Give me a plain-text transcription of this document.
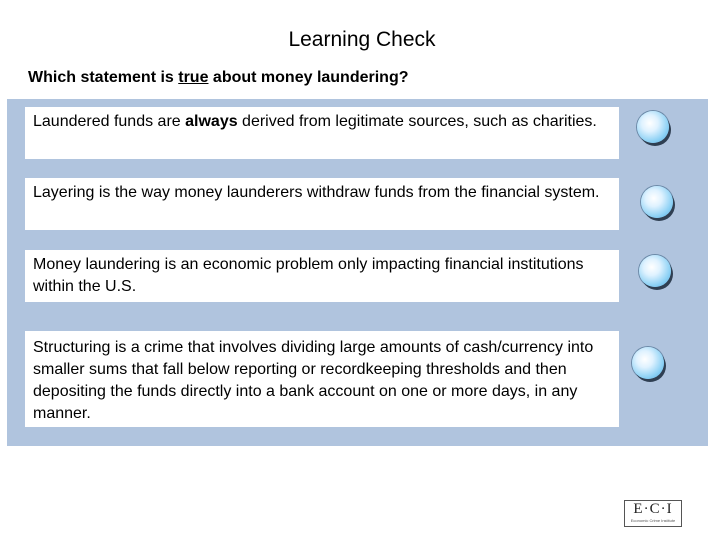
Learning Check
Which statement is true about money laundering?
Laundered funds are always derived from legitimate sources, such as charities.
Layering is the way money launderers withdraw funds from the financial system.
Money laundering is an economic problem only impacting financial institutions within the U.S.
Structuring is a crime that involves dividing large amounts of cash/currency into smaller sums that fall below reporting or recordkeeping thresholds and then depositing the funds directly into a bank account on one or more days, in any manner.
E·C·I
Economic Crime Institute
